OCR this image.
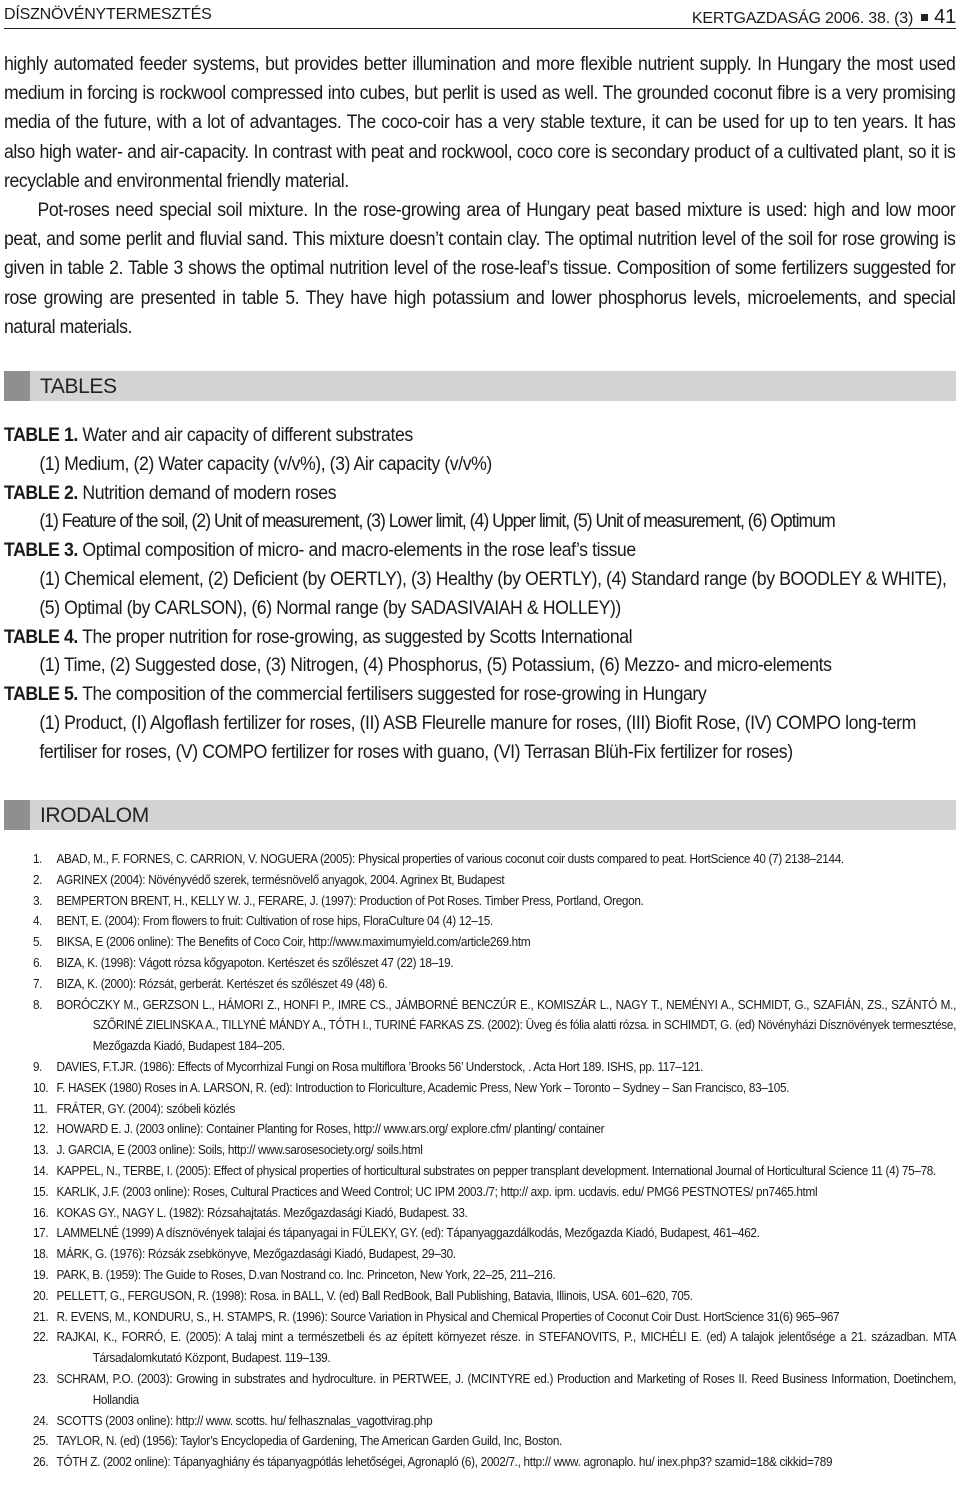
DÍSZNÖVÉNYTERMESZTÉS	KERTGAZDASÁG 2006. 38. (3) 41

highly automated feeder systems, but provides better illumination and more flexible nutrient supply. In Hungary the most used medium in forcing is rockwool compressed into cubes, but perlit is used as well. The grounded coconut fibre is a very promising media of the future, with a lot of advantages. The coco-coir has a very stable texture, it can be used for up to ten years. It has also high water- and air-capacity. In contrast with peat and rockwool, coco core is secondary product of a cultivated plant, so it is recyclable and environmental friendly material.

Pot-roses need special soil mixture. In the rose-growing area of Hungary peat based mixture is used: high and low moor peat, and some perlit and fluvial sand. This mixture doesn’t contain clay. The optimal nutrition level of the soil for rose growing is given in table 2. Table 3 shows the optimal nutrition level of the rose-leaf’s tissue. Composition of some fertilizers suggested for rose growing are presented in table 5. They have high potassium and lower phosphorus levels, microelements, and special natural materials.

TABLES

TABLE 1. Water and air capacity of different substrates

(1) Medium, (2) Water capacity (v/v%), (3) Air capacity (v/v%)

TABLE 2. Nutrition demand of modern roses

(1) Feature of the soil, (2) Unit of measurement, (3) Lower limit, (4) Upper limit, (5) Unit of measurement, (6) Optimum

TABLE 3. Optimal composition of micro- and macro-elements in the rose leaf’s tissue

(1) Chemical element, (2) Deficient (by OERTLY), (3) Healthy (by OERTLY), (4) Standard range (by BOODLEY & WHITE), (5) Optimal (by CARLSON), (6) Normal range (by SADASIVAIAH & HOLLEY))

TABLE 4. The proper nutrition for rose-growing, as suggested by Scotts International

(1) Time, (2) Suggested dose, (3) Nitrogen, (4) Phosphorus, (5) Potassium, (6) Mezzo- and micro-elements

TABLE 5. The composition of the commercial fertilisers suggested for rose-growing in Hungary

(1) Product, (I) Algoflash fertilizer for roses, (II) ASB Fleurelle manure for roses, (III) Biofit Rose, (IV) COMPO long-term fertiliser for roses, (V) COMPO fertilizer for roses with guano, (VI) Terrasan Blüh-Fix fertilizer for roses)

IRODALOM
1.	ABAD, M., F. FORNES, C. CARRION, V. NOGUERA (2005): Physical properties of various coconut coir dusts compared to peat. HortScience 40 (7) 2138–2144.
2.	AGRINEX (2004): Növényvédő szerek, termésnövelő anyagok, 2004. Agrinex Bt, Budapest
3.	BEMPERTON BRENT, H., KELLY W. J., FERARE, J. (1997): Production of Pot Roses. Timber Press, Portland, Oregon.
4.	BENT, E. (2004): From flowers to fruit: Cultivation of rose hips, FloraCulture 04 (4) 12–15.
5.	BIKSA, E (2006 online): The Benefits of Coco Coir, http://www.maximumyield.com/article269.htm
6.	BIZA, K. (1998): Vágott rózsa kőgyapoton. Kertészet és szőlészet 47 (22) 18–19.
7.	BIZA, K. (2000): Rózsát, gerberát. Kertészet és szőlészet 49 (48) 6.
8.	BORÓCZKY M., GERZSON L., HÁMORI Z., HONFI P., IMRE CS., JÁMBORNÉ BENCZÚR E., KOMISZÁR L., NAGY T., NEMÉNYI A., SCHMIDT, G., SZAFIÁN, ZS., SZÁNTÓ M., SZŐRINÉ ZIELINSKA A., TILLYNÉ MÁNDY A., TÓTH I., TURINÉ FARKAS ZS. (2002): Üveg és fólia alatti rózsa. in SCHIMDT, G. (ed) Növényházi Dísznövények termesztése, Mezőgazda Kiadó, Budapest 184–205.
9.	DAVIES, F.T.JR. (1986): Effects of Mycorrhizal Fungi on Rosa multiflora ’Brooks 56’ Understock, . Acta Hort 189. ISHS, pp. 117–121.
10. F. HASEK (1980) Roses in A. LARSON, R. (ed): Introduction to Floriculture, Academic Press, New York – Toronto – Sydney – San Francisco, 83–105.
11. FRÁTER, GY. (2004): szóbeli közlés
12. HOWARD E. J. (2003 online): Container Planting for Roses, http:// www.ars.org/ explore.cfm/ planting/ container
13. J. GARCIA, E (2003 online): Soils, http:// www.sarosesociety.org/ soils.html
14. KAPPEL, N., TERBE, I. (2005): Effect of physical properties of horticultural substrates on pepper transplant development. International Journal of Horticultural Science 11 (4) 75–78.
15. KARLIK, J.F. (2003 online): Roses, Cultural Practices and Weed Control; UC IPM 2003./7; http:// axp. ipm. ucdavis. edu/ PMG6 PESTNOTES/ pn7465.html
16. KOKAS GY., NAGY L. (1982): Rózsahajtatás. Mezőgazdasági Kiadó, Budapest. 33.
17. LAMMELNÉ (1999) A dísznövények talajai és tápanyagai in FÜLEKY, GY. (ed): Tápanyaggazdálkodás, Mezőgazda Kiadó, Budapest, 461–462.
18. MÁRK, G. (1976): Rózsák zsebkönyve, Mezőgazdasági Kiadó, Budapest, 29–30.
19. PARK, B. (1959): The Guide to Roses, D.van Nostrand co. Inc. Princeton, New York, 22–25, 211–216.
20. PELLETT, G., FERGUSON, R. (1998): Rosa. in BALL, V. (ed) Ball RedBook, Ball Publishing, Batavia, Illinois, USA. 601–620, 705.
21. R. EVENS, M., KONDURU, S., H. STAMPS, R. (1996): Source Variation in Physical and Chemical Properties of Coconut Coir Dust. HortScience 31(6) 965–967
22. RAJKAI, K., FORRÓ, E. (2005): A talaj mint a természetbeli és az épített környezet része. in STEFANOVITS, P., MICHÉLI E. (ed) A talajok jelentősége a 21. században. MTA Társadalomkutató Központ, Budapest. 119–139.
23. SCHRAM, P.O. (2003): Growing in substrates and hydroculture. in PERTWEE, J. (MCINTYRE ed.) Production and Marketing of Roses II. Reed Business Information, Doetinchem, Hollandia
24. SCOTTS (2003 online): http:// www. scotts. hu/ felhasznalas_vagottvirag.php
25. TAYLOR, N. (ed) (1956): Taylor’s Encyclopedia of Gardening, The American Garden Guild, Inc, Boston.
26. TÓTH Z. (2002 online): Tápanyaghiány és tápanyagpótlás lehetőségei, Agronapló (6), 2002/7., http:// www. agronaplo. hu/ inex.php3? szamid=18& cikkid=789
